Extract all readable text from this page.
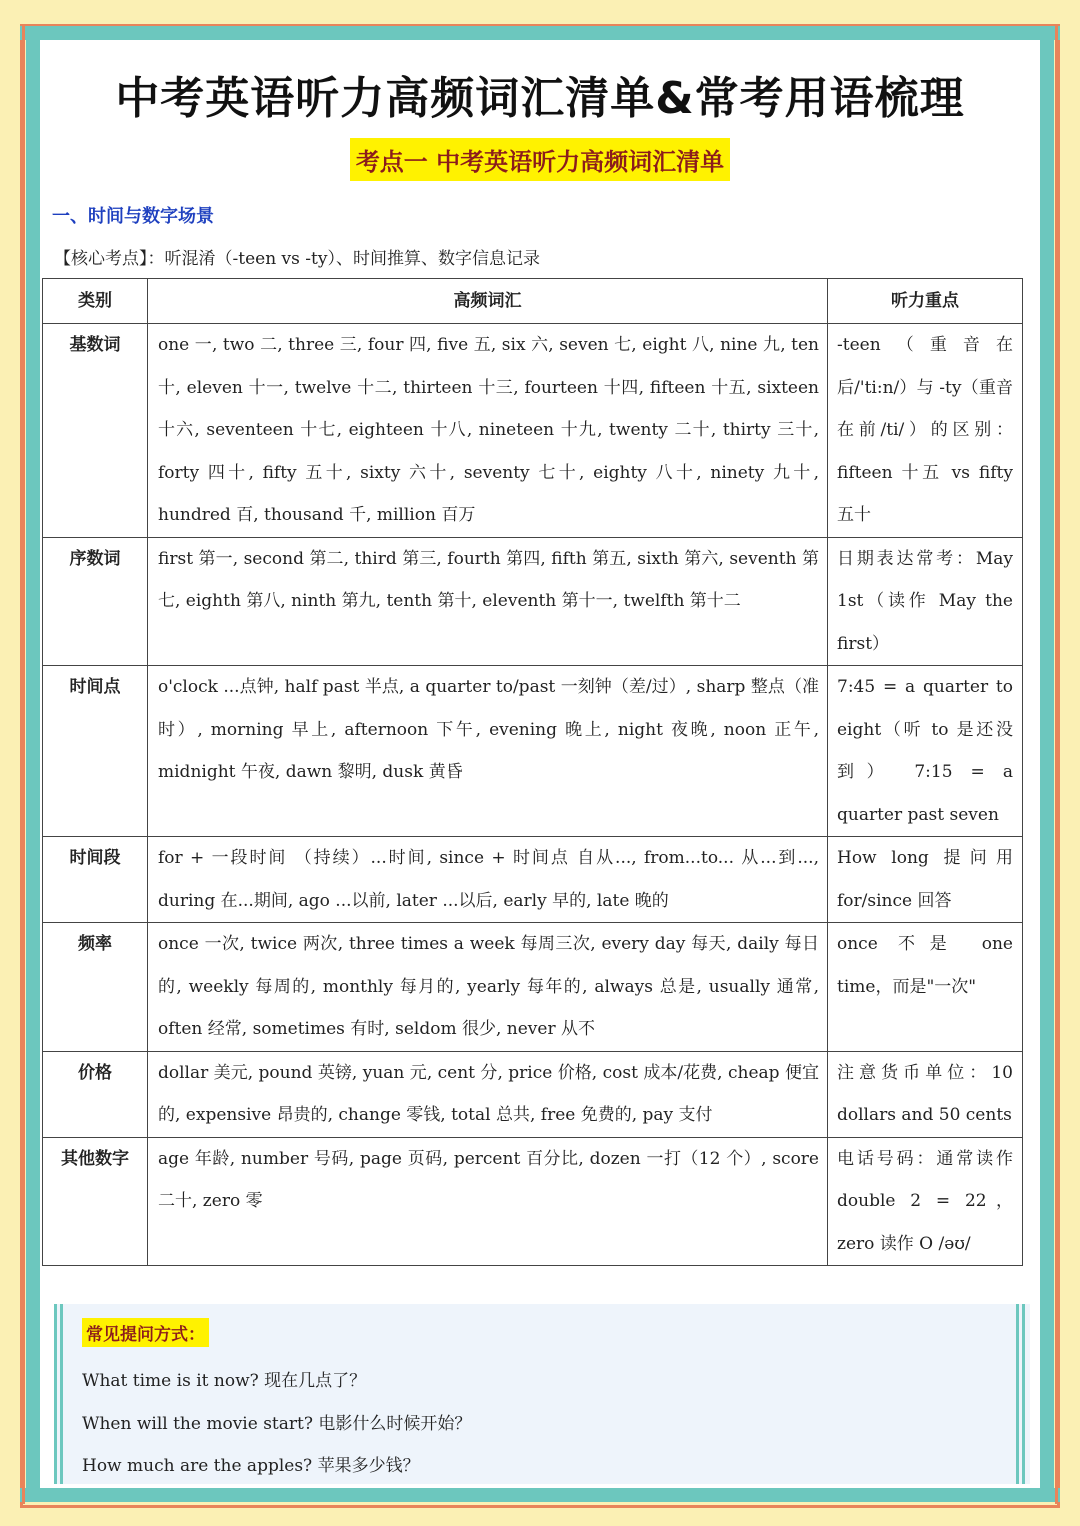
中考英语听力高频词汇清单&常考用语梳理
考点一 中考英语听力高频词汇清单
一、时间与数字场景
【核心考点】：听混淆（-teen vs -ty）、时间推算、数字信息记录
类别	高频词汇	听力重点
基数词	one 一, two 二, three 三, four 四, five 五, six 六, seven 七, eight 八, nine 九, ten 十, eleven 十一, twelve 十二, thirteen 十三, fourteen 十四, fifteen 十五, sixteen 十六, seventeen 十七, eighteen 十八, nineteen 十九, twenty 二十, thirty 三十, forty 四十, fifty 五十, sixty 六十, seventy 七十, eighty 八十, ninety 九十, hundred 百, thousand 千, million 百万	-teen（重音在后/'ti:n/）与 -ty（重音在前/ti/）的区别：fifteen 十五 vs fifty 五十
序数词	first 第一, second 第二, third 第三, fourth 第四, fifth 第五, sixth 第六, seventh 第七, eighth 第八, ninth 第九, tenth 第十, eleventh 第十一, twelfth 第十二	日期表达常考：May 1st（读作 May the first）
时间点	o'clock ...点钟, half past 半点, a quarter to/past 一刻钟（差/过）, sharp 整点（准时）, morning 早上, afternoon 下午, evening 晚上, night 夜晚, noon 正午, midnight 午夜, dawn 黎明, dusk 黄昏	7:45 = a quarter to eight（听 to 是还没到） 7:15 = a quarter past seven
时间段	for + 一段时间 （持续）...时间, since + 时间点 自从..., from...to... 从...到..., during 在...期间, ago ...以前, later ...以后, early 早的, late 晚的	How long 提问用 for/since 回答
频率	once 一次, twice 两次, three times a week 每周三次, every day 每天, daily 每日的, weekly 每周的, monthly 每月的, yearly 每年的, always 总是, usually 通常, often 经常, sometimes 有时, seldom 很少, never 从不	once 不是 one time，而是"一次"
价格	dollar 美元, pound 英镑, yuan 元, cent 分, price 价格, cost 成本/花费, cheap 便宜的, expensive 昂贵的, change 零钱, total 总共, free 免费的, pay 支付	注意货币单位：10 dollars and 50 cents
其他数字	age 年龄, number 号码, page 页码, percent 百分比, dozen 一打（12 个）, score 二十, zero 零	电话号码：通常读作 double 2 = 22， zero 读作 O /əʊ/
常见提问方式：
What time is it now? 现在几点了？
When will the movie start? 电影什么时候开始？
How much are the apples? 苹果多少钱？
